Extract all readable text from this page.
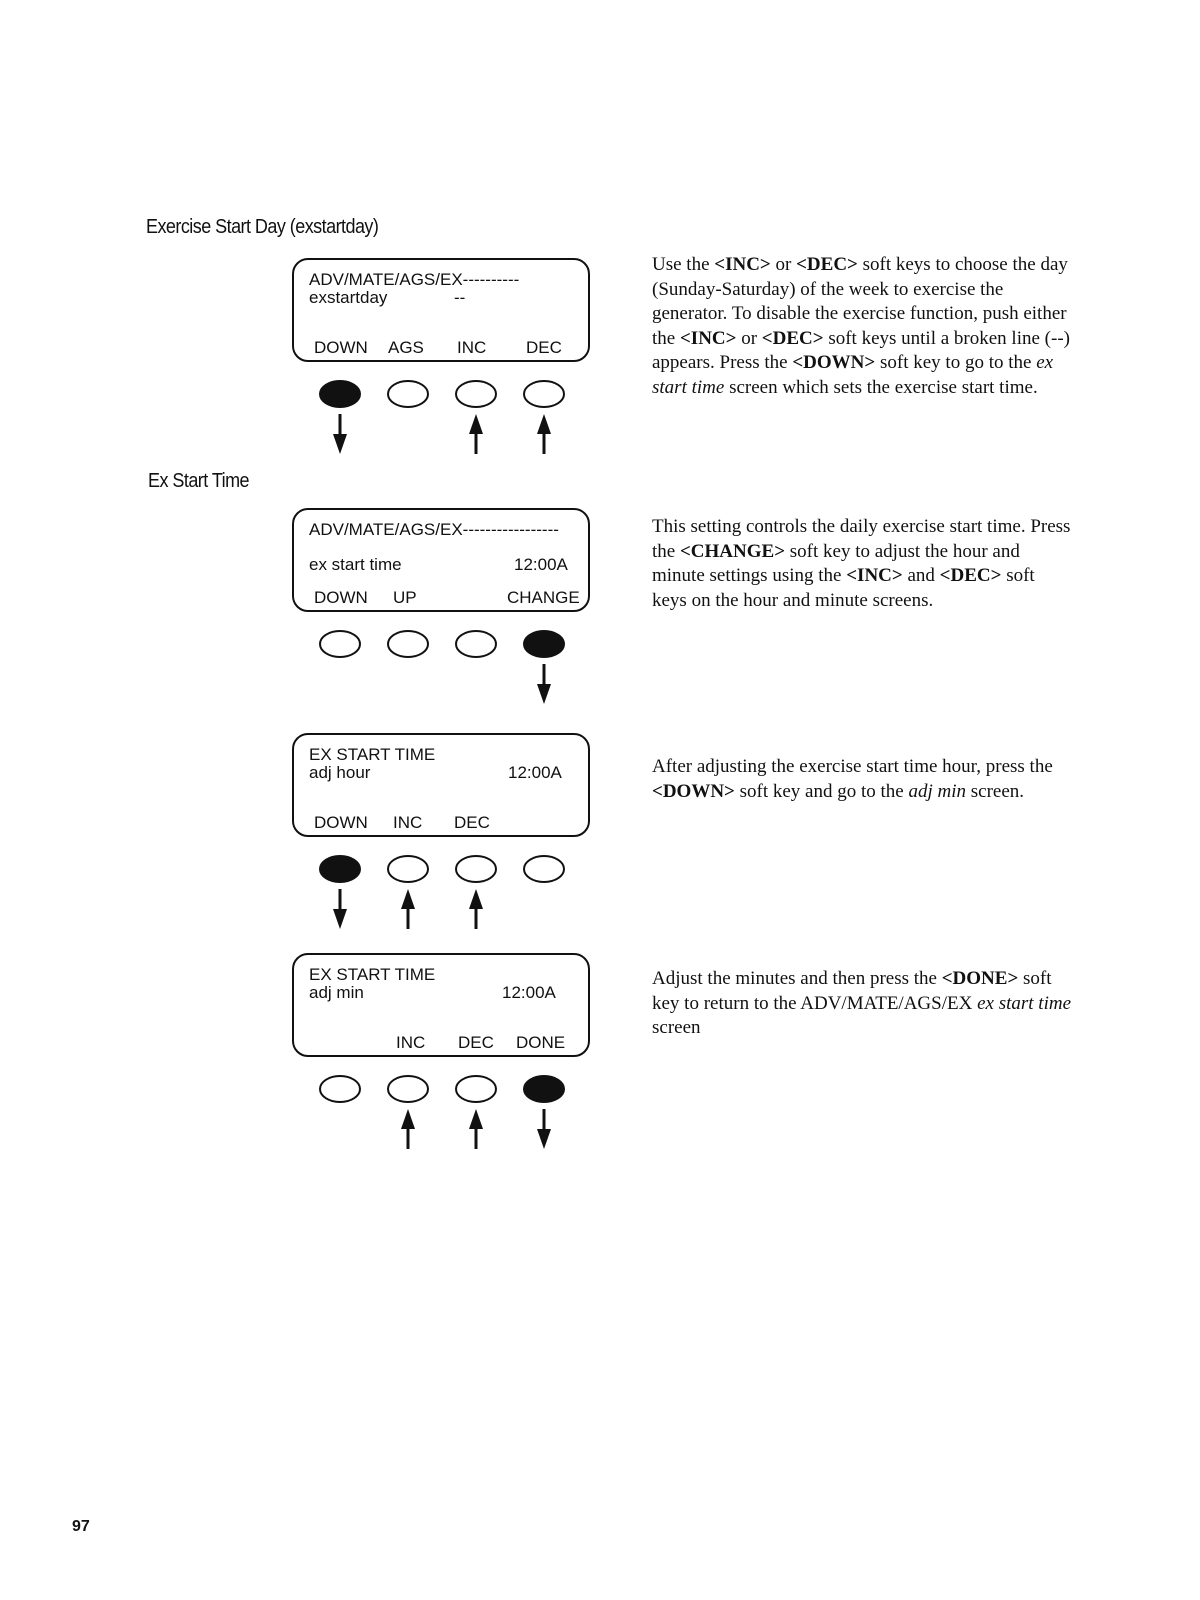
Exercise Start Day (exstartday)
Ex Start Time
ADV/MATE/AGS/EX----------
exstartday	--
DOWN AGS INC DEC

Use the <INC> or <DEC> soft keys to choose the day (Sunday-Saturday) of the week to exercise the generator. To disable the exercise function, push either the <INC> or <DEC> soft keys until a broken line (--) appears. Press the <DOWN> soft key to go to the ex start time screen which sets the exercise start time.

ADV/MATE/AGS/EX-----------------
ex start time	12:00A
DOWN UP	CHANGE

This setting controls the daily exercise start time. Press the <CHANGE> soft key to adjust the hour and minute settings using the <INC> and <DEC> soft keys on the hour and minute screens.

EX START TIME
adj hour	12:00A
DOWN INC DEC

After adjusting the exercise start time hour, press the <DOWN> soft key and go to the adj min screen.

EX START TIME
adj min	12:00A
INC DEC DONE

Adjust the minutes and then press the <DONE> soft key to return to the ADV/MATE/AGS/EX ex start time screen

97
